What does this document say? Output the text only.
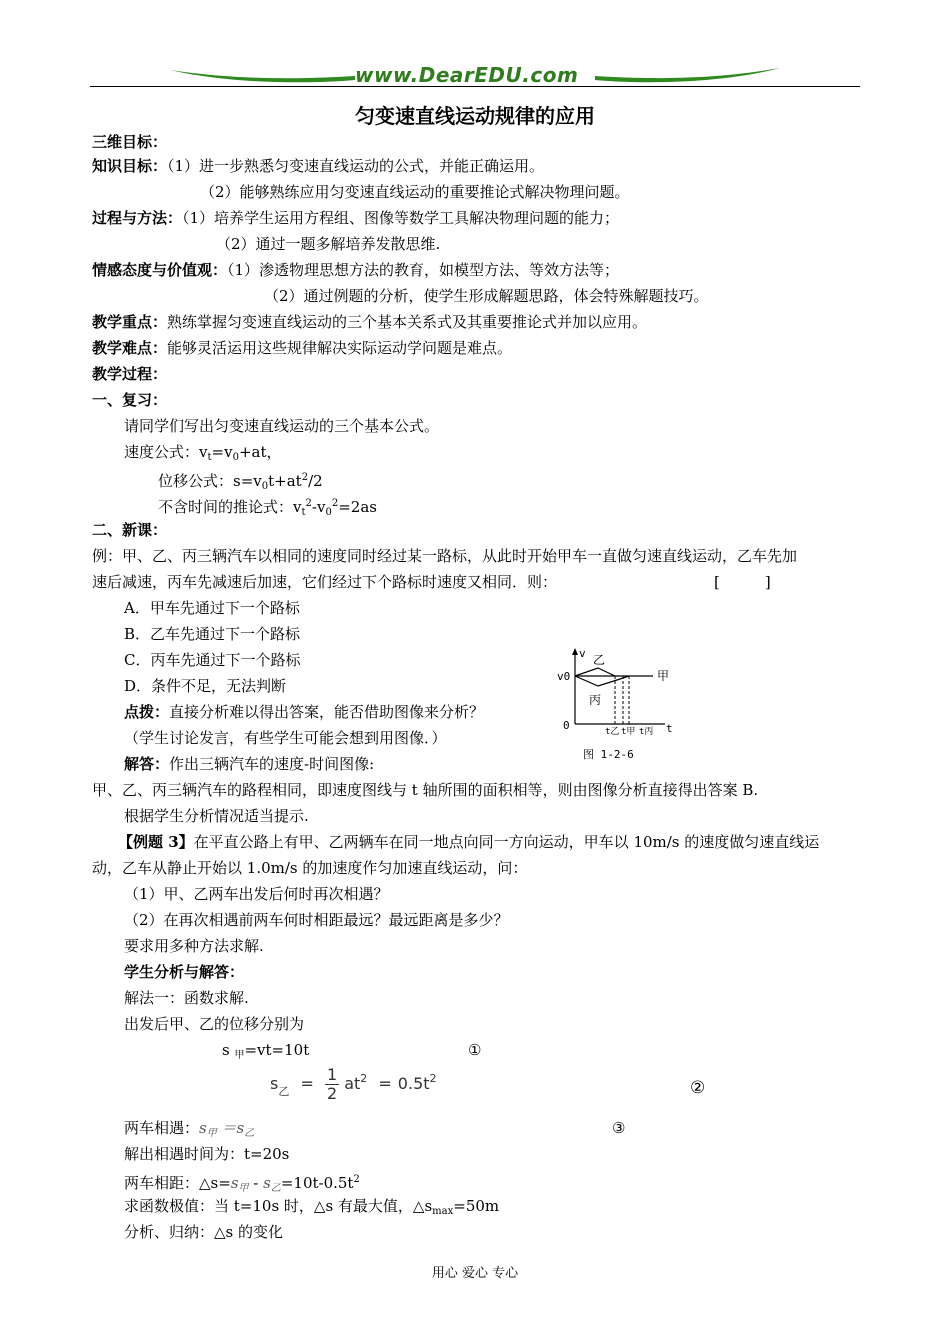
www.DearEDU.com
匀变速直线运动规律的应用
三维目标：
知识目标：（1）进一步熟悉匀变速直线运动的公式，并能正确运用。
（2）能够熟练应用匀变速直线运动的重要推论式解决物理问题。
过程与方法：（1）培养学生运用方程组、图像等数学工具解决物理问题的能力；
（2）通过一题多解培养发散思维.
情感态度与价值观：（1）渗透物理思想方法的教育，如模型方法、等效方法等；
（2）通过例题的分析，使学生形成解题思路，体会特殊解题技巧。
教学重点：熟练掌握匀变速直线运动的三个基本关系式及其重要推论式并加以应用。
教学难点：能够灵活运用这些规律解决实际运动学问题是难点。
教学过程：
一、复习：
请同学们写出匀变速直线运动的三个基本公式。
速度公式：$v_t=v_0+at$，
位移公式：$s=v_0t+at^2/2$
不含时间的推论式：$v_t^2-v_0^2=2as$
二、新课：
例：甲、乙、丙三辆汽车以相同的速度同时经过某一路标，从此时开始甲车一直做匀速直线运动，乙车先加
速后减速，丙车先减速后加速，它们经过下个路标时速度又相同．则：	[　　　]
A．甲车先通过下一个路标
B．乙车先通过下一个路标
C．丙车先通过下一个路标
D．条件不足，无法判断
点拨：直接分析难以得出答案，能否借助图像来分析？
（学生讨论发言，有些学生可能会想到用图像．）
解答：作出三辆汽车的速度-时间图像:
甲、乙、丙三辆汽车的路程相同，即速度图线与 t 轴所围的面积相等，则由图像分析直接得出答案 B.
根据学生分析情况适当提示.
v
v0
0	t
乙
丙
甲
t乙 t甲 t丙
图 1-2-6
【例题 3】在平直公路上有甲、乙两辆车在同一地点向同一方向运动，甲车以 10m/s 的速度做匀速直线运
动，乙车从静止开始以 1.0m/s 的加速度作匀加速直线运动，问：
（1）甲、乙两车出发后何时再次相遇？
（2）在再次相遇前两车何时相距最远？最远距离是多少？
要求用多种方法求解.
学生分析与解答：
解法一：函数求解.
出发后甲、乙的位移分别为
s $_甲$=vt=10t	①
$s_乙 = \frac{1}{2} at^2 = 0.5t^2$	②
两车相遇：$s_甲 =s_乙$	③
解出相遇时间为：t=20s
两车相距：$\triangle s=s_甲 - s_乙=10t-0.5t^2$
求函数极值：当 t=10s 时，△s 有最大值，$\triangle s_{max}=50m$
分析、归纳：△s 的变化
用心 爱心 专心
